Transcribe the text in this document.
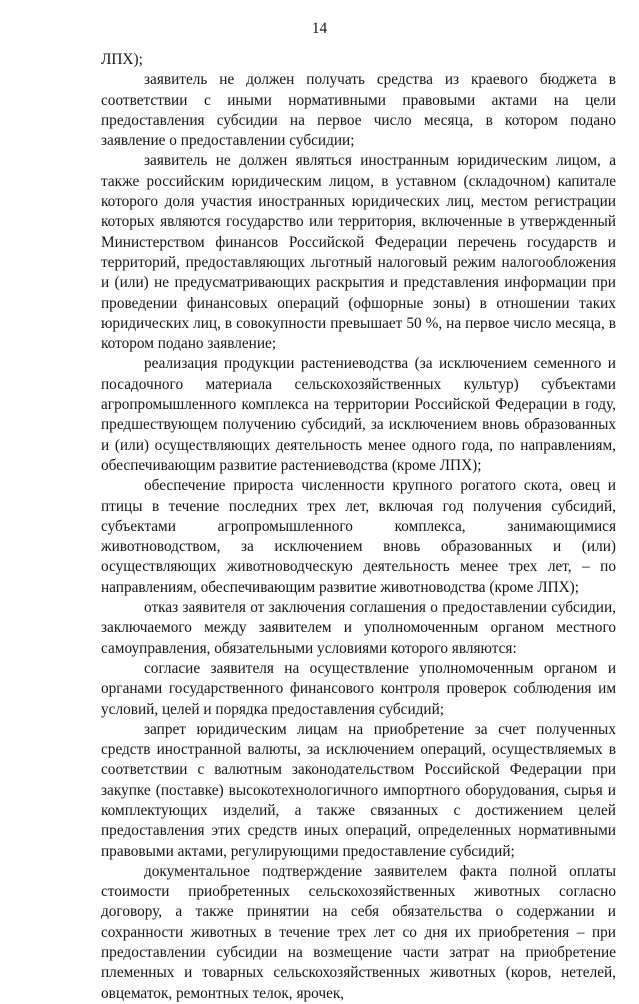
14

ЛПХ);

заявитель не должен получать средства из краевого бюджета в соответствии с иными нормативными правовыми актами на цели предоставления субсидии на первое число месяца, в котором подано заявление о предоставлении субсидии;

заявитель не должен являться иностранным юридическим лицом, а также российским юридическим лицом, в уставном (складочном) капитале которого доля участия иностранных юридических лиц, местом регистрации которых являются государство или территория, включенные в утвержденный Министерством финансов Российской Федерации перечень государств и территорий, предоставляющих льготный налоговый режим налогообложения и (или) не предусматривающих раскрытия и представления информации при проведении финансовых операций (офшорные зоны) в отношении таких юридических лиц, в совокупности превышает 50 %, на первое число месяца, в котором подано заявление;

реализация продукции растениеводства (за исключением семенного и посадочного материала сельскохозяйственных культур) субъектами агропромышленного комплекса на территории Российской Федерации в году, предшествующем получению субсидий, за исключением вновь образованных и (или) осуществляющих деятельность менее одного года, по направлениям, обеспечивающим развитие растениеводства (кроме ЛПХ);

обеспечение прироста численности крупного рогатого скота, овец и птицы в течение последних трех лет, включая год получения субсидий, субъектами агропромышленного комплекса, занимающимися животноводством, за исключением вновь образованных и (или) осуществляющих животноводческую деятельность менее трех лет, – по направлениям, обеспечивающим развитие животноводства (кроме ЛПХ);

отказ заявителя от заключения соглашения о предоставлении субсидии, заключаемого между заявителем и уполномоченным органом местного самоуправления, обязательными условиями которого являются:

согласие заявителя на осуществление уполномоченным органом и органами государственного финансового контроля проверок соблюдения им условий, целей и порядка предоставления субсидий;

запрет юридическим лицам на приобретение за счет полученных средств иностранной валюты, за исключением операций, осуществляемых в соответствии с валютным законодательством Российской Федерации при закупке (поставке) высокотехнологичного импортного оборудования, сырья и комплектующих изделий, а также связанных с достижением целей предоставления этих средств иных операций, определенных нормативными правовыми актами, регулирующими предоставление субсидий;

документальное подтверждение заявителем факта полной оплаты стоимости приобретенных сельскохозяйственных животных согласно договору, а также принятии на себя обязательства о содержании и сохранности животных в течение трех лет со дня их приобретения – при предоставлении субсидии на возмещение части затрат на приобретение племенных и товарных сельскохозяйственных животных (коров, нетелей, овцематок, ремонтных телок, ярочек,
